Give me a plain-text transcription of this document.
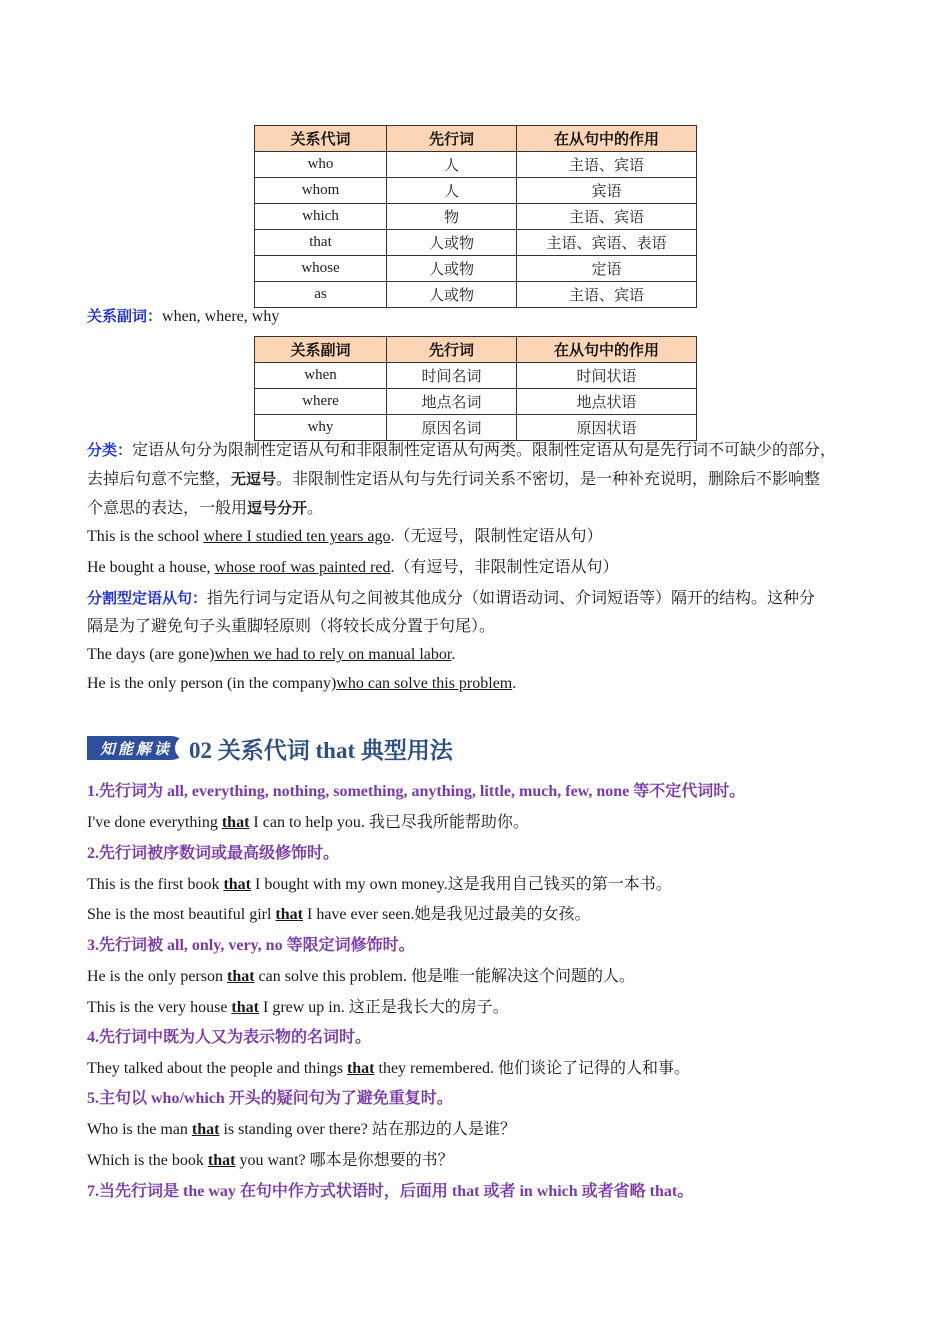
关系代词	先行词	在从句中的作用
who	人	主语、宾语
whom	人	宾语
which	物	主语、宾语
that	人或物	主语、宾语、表语
whose	人或物	定语
as	人或物	主语、宾语
关系副词：when, where, why
关系副词	先行词	在从句中的作用
when	时间名词	时间状语
where	地点名词	地点状语
why	原因名词	原因状语
分类：定语从句分为限制性定语从句和非限制性定语从句两类。限制性定语从句是先行词不可缺少的部分，
去掉后句意不完整，无逗号。非限制性定语从句与先行词关系不密切，是一种补充说明，删除后不影响整
个意思的表达，一般用逗号分开。
This is the school where I studied ten years ago.（无逗号，限制性定语从句）
He bought a house, whose roof was painted red.（有逗号，非限制性定语从句）
分割型定语从句：指先行词与定语从句之间被其他成分（如谓语动词、介词短语等）隔开的结构。这种分
隔是为了避免句子头重脚轻原则（将较长成分置于句尾）。
The days (are gone)when we had to rely on manual labor.
He is the only person (in the company)who can solve this problem.
知能解读 02 关系代词 that 典型用法
1.先行词为 all, everything, nothing, something, anything, little, much, few, none 等不定代词时。
I've done everything that I can to help you. 我已尽我所能帮助你。
2.先行词被序数词或最高级修饰时。
This is the first book that I bought with my own money.这是我用自己钱买的第一本书。
She is the most beautiful girl that I have ever seen.她是我见过最美的女孩。
3.先行词被 all, only, very, no 等限定词修饰时。
He is the only person that can solve this problem. 他是唯一能解决这个问题的人。
This is the very house that I grew up in. 这正是我长大的房子。
4.先行词中既为人又为表示物的名词时。
They talked about the people and things that they remembered. 他们谈论了记得的人和事。
5.主句以 who/which 开头的疑问句为了避免重复时。
Who is the man that is standing over there? 站在那边的人是谁？
Which is the book that you want? 哪本是你想要的书？
7.当先行词是 the way 在句中作方式状语时，后面用 that 或者 in which 或者省略 that。
